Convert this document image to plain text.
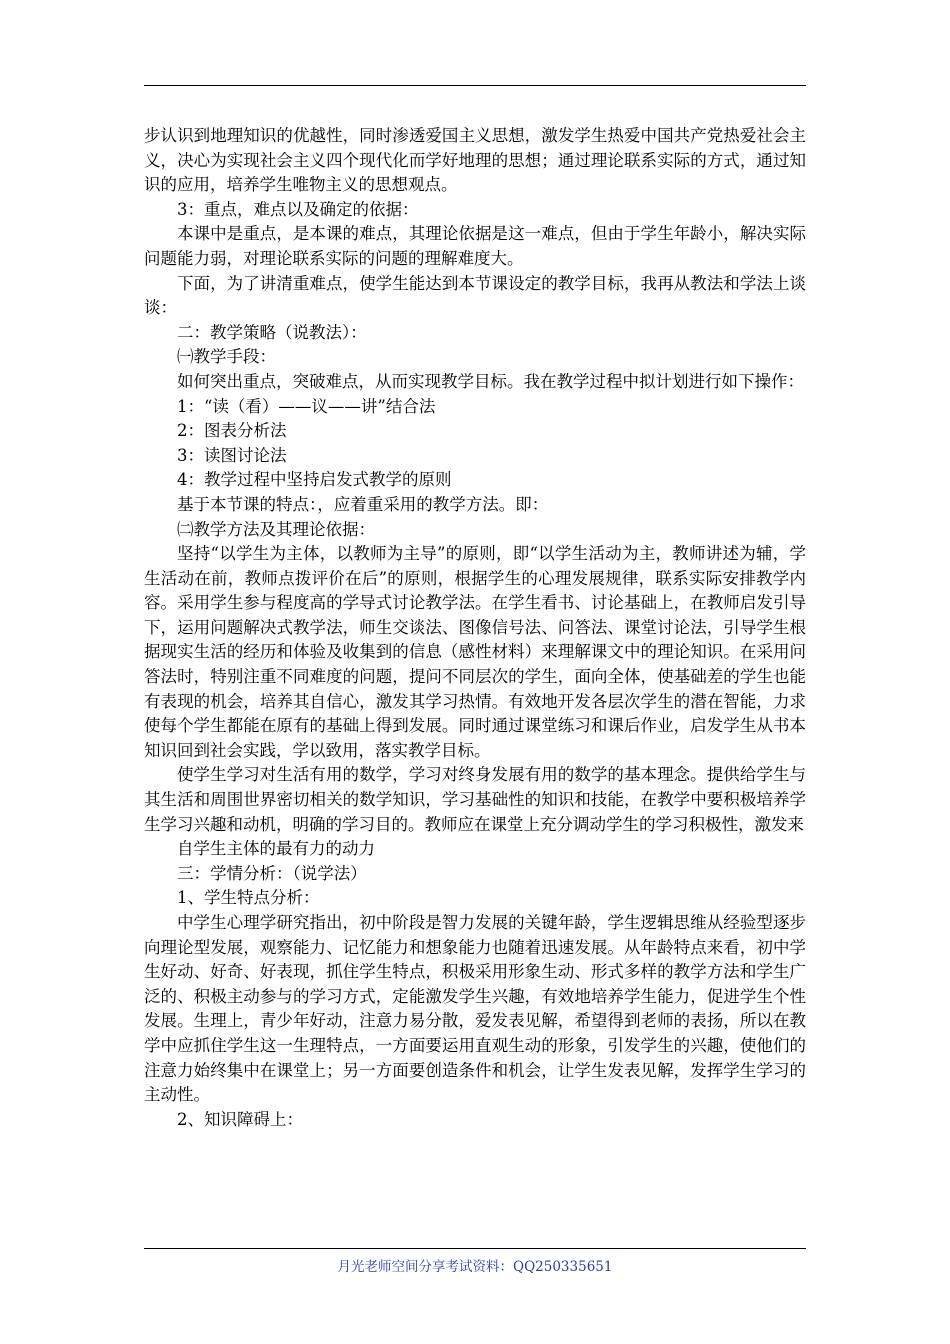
步认识到地理知识的优越性，同时渗透爱国主义思想，激发学生热爱中国共产党热爱社会主义，决心为实现社会主义四个现代化而学好地理的思想；通过理论联系实际的方式，通过知识的应用，培养学生唯物主义的思想观点。

3：重点，难点以及确定的依据：

本课中是重点，是本课的难点，其理论依据是这一难点，但由于学生年龄小，解决实际问题能力弱，对理论联系实际的问题的理解难度大。

下面，为了讲清重难点，使学生能达到本节课设定的教学目标，我再从教法和学法上谈谈：

二：教学策略（说教法）：

㈠教学手段：

如何突出重点，突破难点，从而实现教学目标。我在教学过程中拟计划进行如下操作：

1：“读（看）——议——讲”结合法

2：图表分析法

3：读图讨论法

4：教学过程中坚持启发式教学的原则

基于本节课的特点：，应着重采用的教学方法。即：

㈡教学方法及其理论依据：

坚持“以学生为主体，以教师为主导”的原则，即“以学生活动为主，教师讲述为辅，学生活动在前，教师点拨评价在后”的原则，根据学生的心理发展规律，联系实际安排教学内容。采用学生参与程度高的学导式讨论教学法。在学生看书、讨论基础上，在教师启发引导下，运用问题解决式教学法，师生交谈法、图像信号法、问答法、课堂讨论法，引导学生根据现实生活的经历和体验及收集到的信息（感性材料）来理解课文中的理论知识。在采用问答法时，特别注重不同难度的问题，提问不同层次的学生，面向全体，使基础差的学生也能有表现的机会，培养其自信心，激发其学习热情。有效地开发各层次学生的潜在智能，力求使每个学生都能在原有的基础上得到发展。同时通过课堂练习和课后作业，启发学生从书本知识回到社会实践，学以致用，落实教学目标。

使学生学习对生活有用的数学，学习对终身发展有用的数学的基本理念。提供给学生与其生活和周围世界密切相关的数学知识，学习基础性的知识和技能，在教学中要积极培养学生学习兴趣和动机，明确的学习目的。教师应在课堂上充分调动学生的学习积极性，激发来

自学生主体的最有力的动力

三：学情分析：（说学法）

1、学生特点分析：

中学生心理学研究指出，初中阶段是智力发展的关键年龄，学生逻辑思维从经验型逐步向理论型发展，观察能力、记忆能力和想象能力也随着迅速发展。从年龄特点来看，初中学生好动、好奇、好表现，抓住学生特点，积极采用形象生动、形式多样的教学方法和学生广泛的、积极主动参与的学习方式，定能激发学生兴趣，有效地培养学生能力，促进学生个性发展。生理上，青少年好动，注意力易分散，爱发表见解，希望得到老师的表扬，所以在教学中应抓住学生这一生理特点，一方面要运用直观生动的形象，引发学生的兴趣，使他们的注意力始终集中在课堂上；另一方面要创造条件和机会，让学生发表见解，发挥学生学习的主动性。

2、知识障碍上：

月光老师空间分享考试资料：QQ250335651
